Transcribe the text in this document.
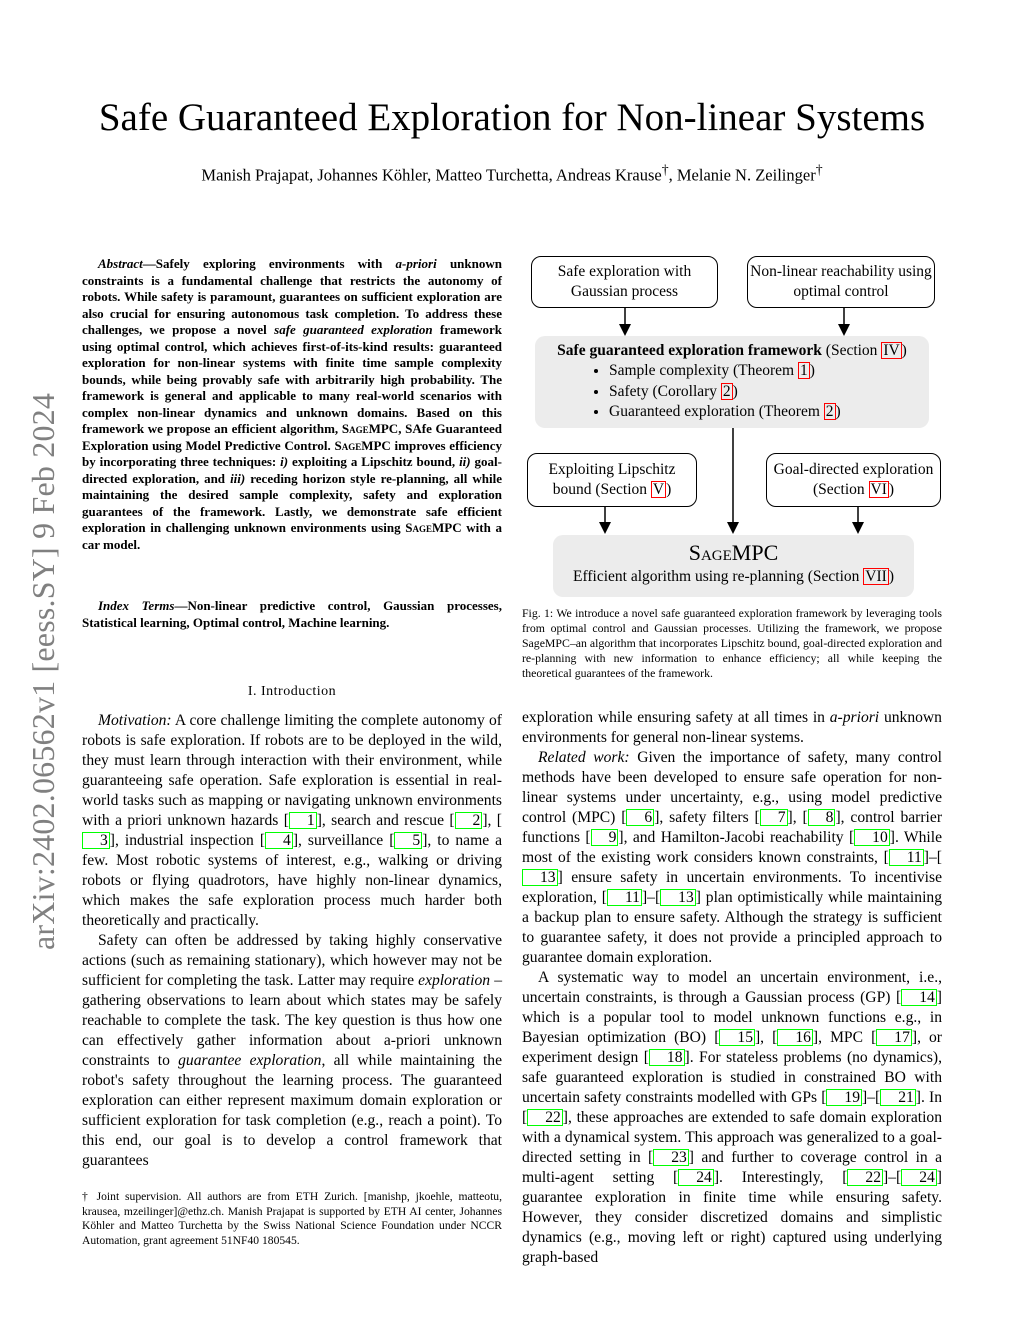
arXiv:2402.06562v1 [eess.SY] 9 Feb 2024
Safe Guaranteed Exploration for Non-linear Systems
Manish Prajapat, Johannes Köhler, Matteo Turchetta, Andreas Krause†, Melanie N. Zeilinger†

Abstract—Safely exploring environments with a-priori unknown constraints is a fundamental challenge that restricts the autonomy of robots. While safety is paramount, guarantees on sufficient exploration are also crucial for ensuring autonomous task completion. To address these challenges, we propose a novel safe guaranteed exploration framework using optimal control, which achieves first-of-its-kind results: guaranteed exploration for non-linear systems with finite time sample complexity bounds, while being provably safe with arbitrarily high probability. The framework is general and applicable to many real-world scenarios with complex non-linear dynamics and unknown domains. Based on this framework we propose an efficient algorithm, SageMPC, SAfe Guaranteed Exploration using Model Predictive Control. SageMPC improves efficiency by incorporating three techniques: i) exploiting a Lipschitz bound, ii) goal-directed exploration, and iii) receding horizon style re-planning, all while maintaining the desired sample complexity, safety and exploration guarantees of the framework. Lastly, we demonstrate safe efficient exploration in challenging unknown environments using SageMPC with a car model.

Index Terms—Non-linear predictive control, Gaussian processes, Statistical learning, Optimal control, Machine learning.

I. Introduction

Motivation: A core challenge limiting the complete autonomy of robots is safe exploration. If robots are to be deployed in the wild, they must learn through interaction with their environment, while guaranteeing safe operation. Safe exploration is essential in real-world tasks such as mapping or navigating unknown environments with a priori unknown hazards [ 1 ], search and rescue [ 2 ], [3 ], industrial inspection [ 4 ], surveillance [ 5 ], to name a few. Most robotic systems of interest, e.g., walking or driving robots or flying quadrotors, have highly non-linear dynamics, which makes the safe exploration process much harder both theoretically and practically.

Safety can often be addressed by taking highly conservative actions (such as remaining stationary), which however may not be sufficient for completing the task. Latter may require exploration – gathering observations to learn about which states may be safely reachable to complete the task. The key question is thus how one can effectively gather information about a-priori unknown constraints to guarantee exploration, all while maintaining the robot's safety throughout the learning process. The guaranteed exploration can either represent maximum domain exploration or sufficient exploration for task completion (e.g., reach a point). To this end, our goal is to develop a control framework that guarantees

† Joint supervision. All authors are from ETH Zurich. [manishp, jkoehle, matteotu, krausea, mzeilinger]@ethz.ch. Manish Prajapat is supported by ETH AI center, Johannes Köhler and Matteo Turchetta by the Swiss National Science Foundation under NCCR Automation, grant agreement 51NF40 180545.
Safe exploration with Gaussian process
Non-linear reachability using optimal control
Safe guaranteed exploration framework (Section IV )
• Sample complexity (Theorem 1 )
• Safety (Corollary 2 )
• Guaranteed exploration (Theorem 2 )
Exploiting Lipschitz bound (Section V )
Goal-directed exploration (Section VI )
SageMPC
Efficient algorithm using re-planning (Section VII )
Fig. 1: We introduce a novel safe guaranteed exploration framework by leveraging tools from optimal control and Gaussian processes. Utilizing the framework, we propose SageMPC–an algorithm that incorporates Lipschitz bound, goal-directed exploration and re-planning with new information to enhance efficiency; all while keeping the theoretical guarantees of the framework.

exploration while ensuring safety at all times in a-priori unknown environments for general non-linear systems.

Related work: Given the importance of safety, many control methods have been developed to ensure safe operation for non-linear systems under uncertainty, e.g., using model predictive control (MPC) [ 6 ], safety filters [ 7 ], [ 8 ], control barrier functions [ 9 ], and Hamilton-Jacobi reachability [ 10 ]. While most of the existing work considers known constraints, [ 11 ]–[13 ] ensure safety in uncertain environments. To incentivise exploration, [ 11 ]–[ 13 ] plan optimistically while maintaining a backup plan to ensure safety. Although the strategy is sufficient to guarantee safety, it does not provide a principled approach to guarantee domain exploration.

A systematic way to model an uncertain environment, i.e., uncertain constraints, is through a Gaussian process (GP) [ 14 ] which is a popular tool to model unknown functions e.g., in Bayesian optimization (BO) [ 15 ], [ 16 ], MPC [ 17 ], or experiment design [ 18 ]. For stateless problems (no dynamics), safe guaranteed exploration is studied in constrained BO with uncertain safety constraints modelled with GPs [ 19 ]–[ 21 ]. In [ 22 ], these approaches are extended to safe domain exploration with a dynamical system. This approach was generalized to a goal-directed setting in [ 23 ] and further to coverage control in a multi-agent setting [ 24 ]. Interestingly, [ 22 ]–[ 24 ] guarantee exploration in finite time while ensuring safety. However, they consider discretized domains and simplistic dynamics (e.g., moving left or right) captured using underlying graph-based
